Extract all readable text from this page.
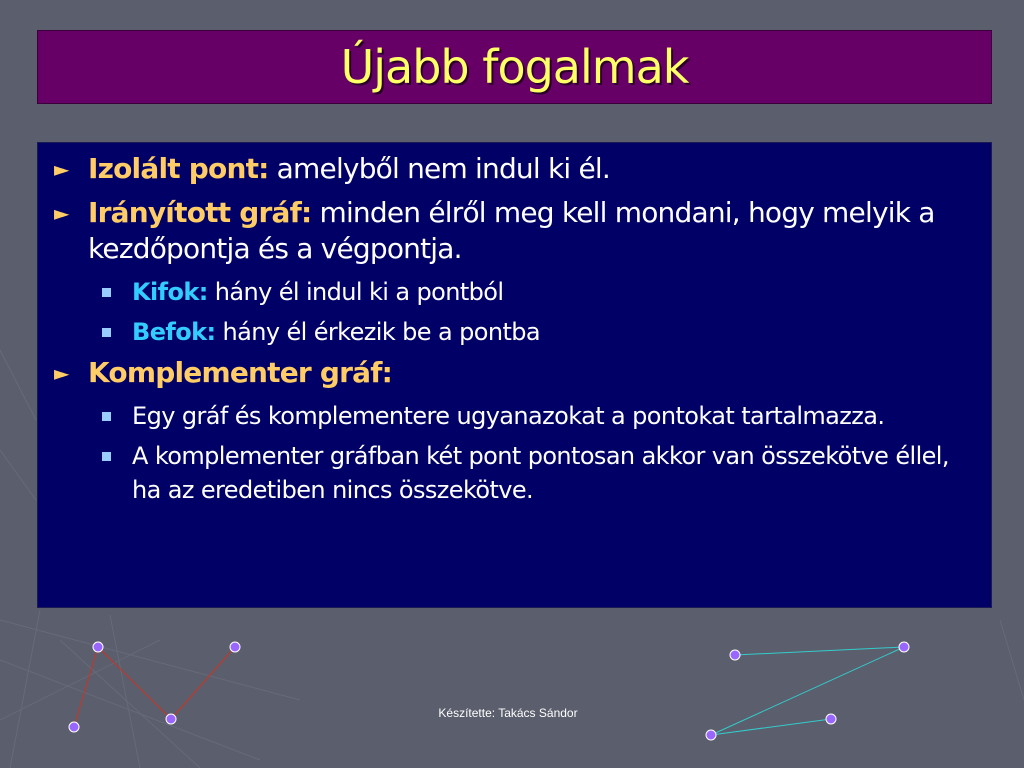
Újabb fogalmak
► Izolált pont: amelyből nem indul ki él.
► Irányított gráf: minden élről meg kell mondani, hogy melyik a kezdőpontja és a végpontja.
Kifok: hány él indul ki a pontból
Befok: hány él érkezik be a pontba
► Komplementer gráf:
Egy gráf és komplementere ugyanazokat a pontokat tartalmazza.
A komplementer gráfban két pont pontosan akkor van összekötve éllel, ha az eredetiben nincs összekötve.
Készítette: Takács Sándor
